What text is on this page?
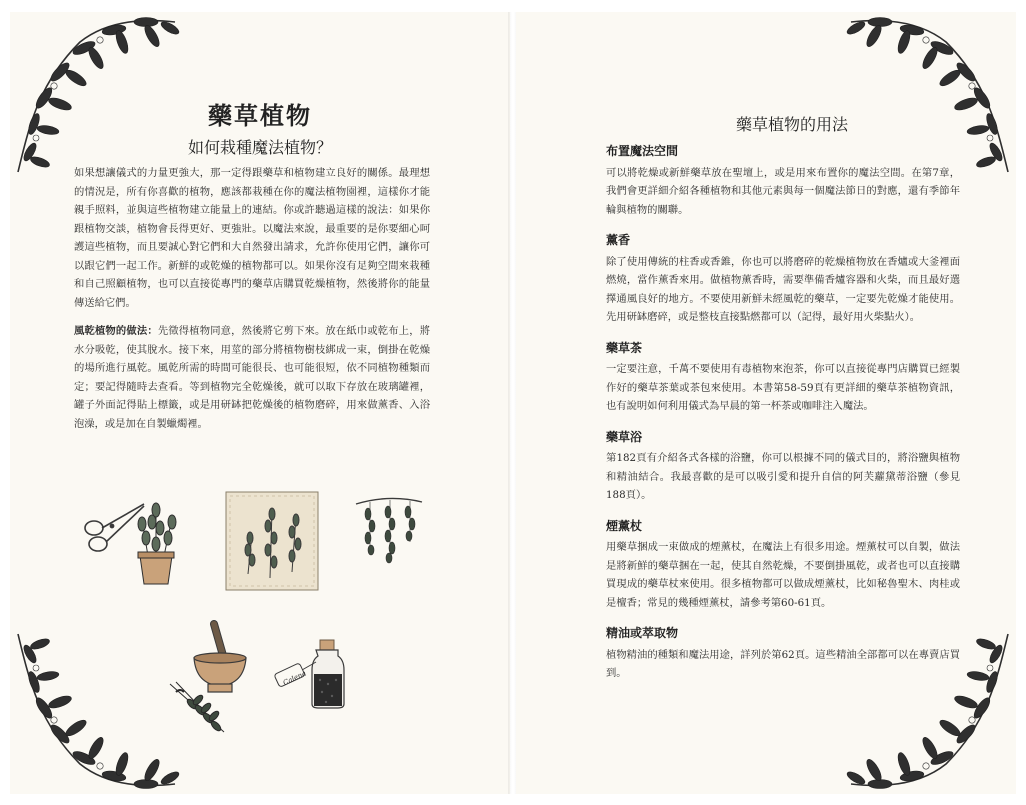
藥草植物
如何栽種魔法植物？

如果想讓儀式的力量更強大，那一定得跟藥草和植物建立良好的關係。最理想的情況是，所有你喜歡的植物，應該都栽種在你的魔法植物園裡，這樣你才能親手照料，並與這些植物建立能量上的連結。你或許聽過這樣的說法：如果你跟植物交談，植物會長得更好、更強壯。以魔法來說，最重要的是你要細心呵護這些植物，而且要誠心對它們和大自然發出請求，允許你使用它們，讓你可以跟它們一起工作。新鮮的或乾燥的植物都可以。如果你沒有足夠空間來栽種和自己照顧植物，也可以直接從專門的藥草店購買乾燥植物，然後將你的能量傳送給它們。

風乾植物的做法：先徵得植物同意，然後將它剪下來。放在紙巾或乾布上，將水分吸乾，使其脫水。接下來，用莖的部分將植物樹枝綁成一束，倒掛在乾燥的場所進行風乾。風乾所需的時間可能很長、也可能很短，依不同植物種類而定；要記得隨時去查看。等到植物完全乾燥後，就可以取下存放在玻璃罐裡，罐子外面記得貼上標籤，或是用研缽把乾燥後的植物磨碎，用來做薰香、入浴泡澡，或是加在自製蠟燭裡。

Calena
藥草植物的用法
布置魔法空間

可以將乾燥或新鮮藥草放在聖壇上，或是用來布置你的魔法空間。在第7章，我們會更詳細介紹各種植物和其他元素與每一個魔法節日的對應，還有季節年輪與植物的關聯。

薰香

除了使用傳統的柱香或香錐，你也可以將磨碎的乾燥植物放在香爐或大釜裡面燃燒，當作薰香來用。做植物薰香時，需要準備香爐容器和火柴，而且最好選擇通風良好的地方。不要使用新鮮未經風乾的藥草，一定要先乾燥才能使用。先用研缽磨碎，或是整枝直接點燃都可以（記得，最好用火柴點火）。

藥草茶

一定要注意，千萬不要使用有毒植物來泡茶，你可以直接從專門店購買已經製作好的藥草茶葉或茶包來使用。本書第58-59頁有更詳細的藥草茶植物資訊，也有說明如何利用儀式為早晨的第一杯茶或咖啡注入魔法。

藥草浴

第182頁有介紹各式各樣的浴鹽，你可以根據不同的儀式目的，將浴鹽與植物和精油結合。我最喜歡的是可以吸引愛和提升自信的阿芙蘿黛蒂浴鹽（參見188頁）。

煙薰杖

用藥草捆成一束做成的煙薰杖，在魔法上有很多用途。煙薰杖可以自製，做法是將新鮮的藥草捆在一起，使其自然乾燥，不要倒掛風乾，或者也可以直接購買現成的藥草杖來使用。很多植物都可以做成煙薰杖，比如秘魯聖木、肉桂或是檀香；常見的幾種煙薰杖，請參考第60-61頁。

精油或萃取物

植物精油的種類和魔法用途，詳列於第62頁。這些精油全部都可以在專賣店買到。
